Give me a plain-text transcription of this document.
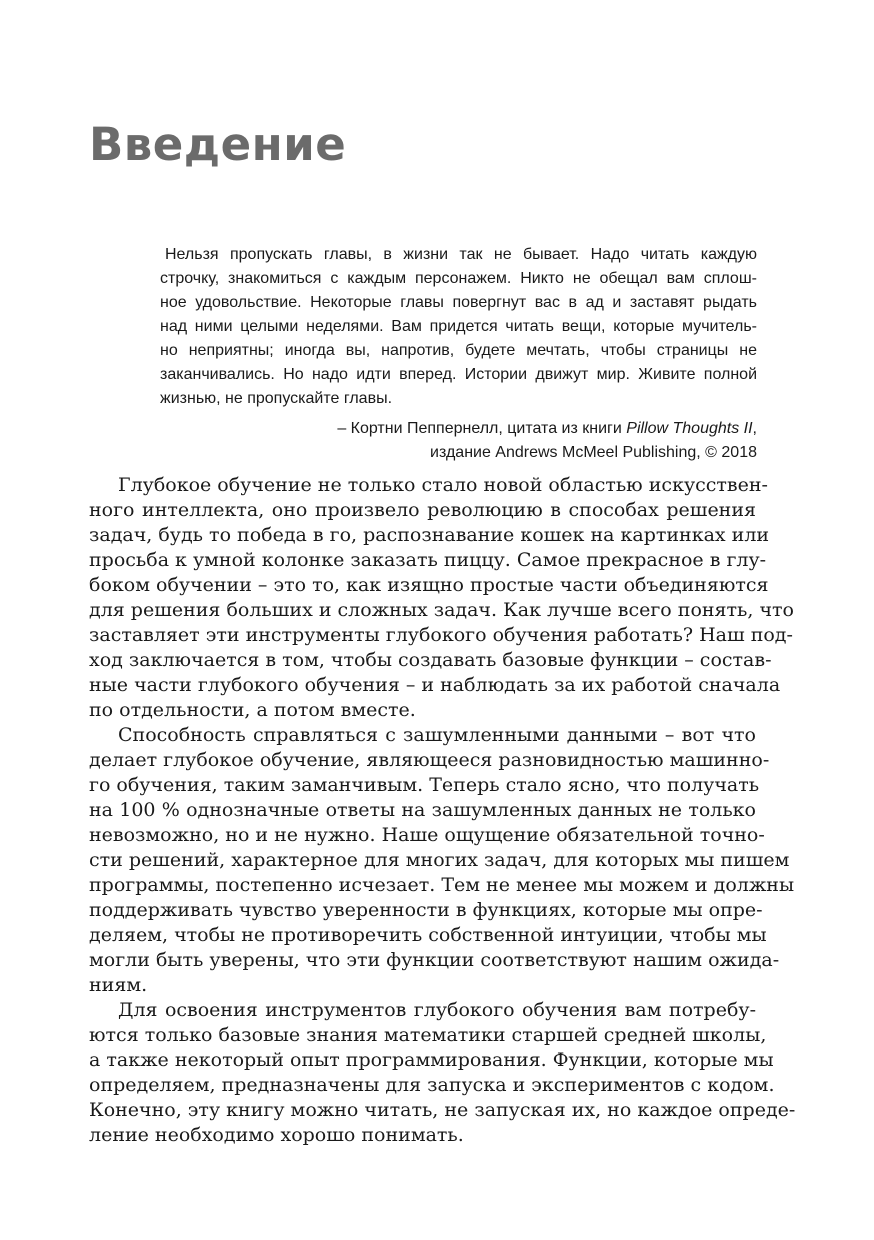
Введение
Нельзя пропускать главы, в жизни так не бывает. Надо читать каждую
строчку, знакомиться с каждым персонажем. Никто не обещал вам сплош-
ное удовольствие. Некоторые главы повергнут вас в ад и заставят рыдать
над ними целыми неделями. Вам придется читать вещи, которые мучитель-
но неприятны; иногда вы, напротив, будете мечтать, чтобы страницы не
заканчивались. Но надо идти вперед. Истории движут мир. Живите полной
жизнью, не пропускайте главы.
– Кортни Пеппернелл, цитата из книги Pillow Thoughts II,
издание Andrews McMeel Publishing, © 2018
Глубокое обучение не только стало новой областью искусствен-
ного интеллекта, оно произвело революцию в способах решения
задач, будь то победа в го, распознавание кошек на картинках или
просьба к умной колонке заказать пиццу. Самое прекрасное в глу-
боком обучении – это то, как изящно простые части объединяются
для решения больших и сложных задач. Как лучше всего понять, что
заставляет эти инструменты глубокого обучения работать? Наш под-
ход заключается в том, чтобы создавать базовые функции – состав-
ные части глубокого обучения – и наблюдать за их работой сначала
по отдельности, а потом вместе.
Способность справляться с зашумленными данными – вот что
делает глубокое обучение, являющееся разновидностью машинно-
го обучения, таким заманчивым. Теперь стало ясно, что получать
на 100 % однозначные ответы на зашумленных данных не только
невозможно, но и не нужно. Наше ощущение обязательной точно-
сти решений, характерное для многих задач, для которых мы пишем
программы, постепенно исчезает. Тем не менее мы можем и должны
поддерживать чувство уверенности в функциях, которые мы опре-
деляем, чтобы не противоречить собственной интуиции, чтобы мы
могли быть уверены, что эти функции соответствуют нашим ожида-
ниям.
Для освоения инструментов глубокого обучения вам потребу-
ются только базовые знания математики старшей средней школы,
а также некоторый опыт программирования. Функции, которые мы
определяем, предназначены для запуска и экспериментов с кодом.
Конечно, эту книгу можно читать, не запуская их, но каждое опреде-
ление необходимо хорошо понимать.
